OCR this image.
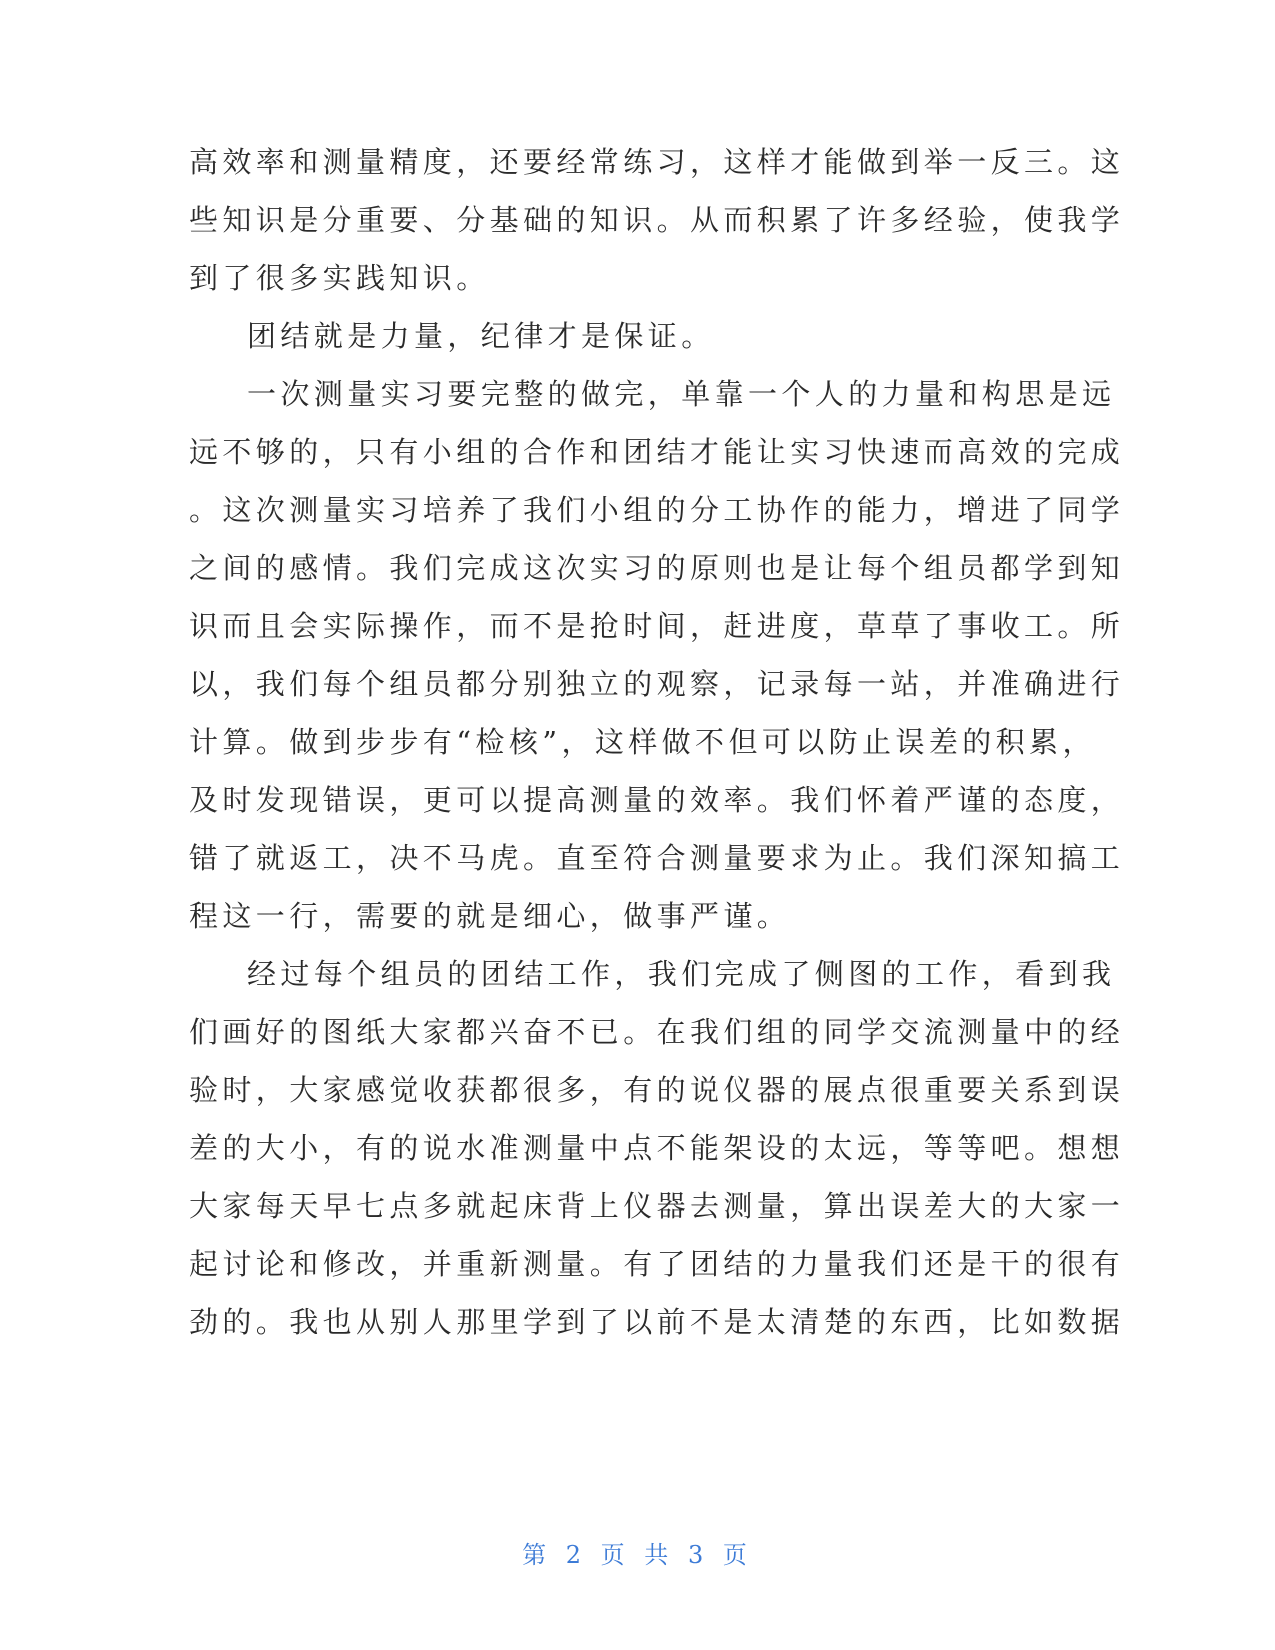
高效率和测量精度，还要经常练习，这样才能做到举一反三。这
些知识是分重要、分基础的知识。从而积累了许多经验，使我学
到了很多实践知识。
团结就是力量，纪律才是保证。
一次测量实习要完整的做完，单靠一个人的力量和构思是远
远不够的，只有小组的合作和团结才能让实习快速而高效的完成
。这次测量实习培养了我们小组的分工协作的能力，增进了同学
之间的感情。我们完成这次实习的原则也是让每个组员都学到知
识而且会实际操作，而不是抢时间，赶进度，草草了事收工。所
以，我们每个组员都分别独立的观察，记录每一站，并准确进行
计算。做到步步有“检核”，这样做不但可以防止误差的积累，
及时发现错误，更可以提高测量的效率。我们怀着严谨的态度，
错了就返工，决不马虎。直至符合测量要求为止。我们深知搞工
程这一行，需要的就是细心，做事严谨。
经过每个组员的团结工作，我们完成了侧图的工作，看到我
们画好的图纸大家都兴奋不已。在我们组的同学交流测量中的经
验时，大家感觉收获都很多，有的说仪器的展点很重要关系到误
差的大小，有的说水准测量中点不能架设的太远，等等吧。想想
大家每天早七点多就起床背上仪器去测量，算出误差大的大家一
起讨论和修改，并重新测量。有了团结的力量我们还是干的很有
劲的。我也从别人那里学到了以前不是太清楚的东西，比如数据
第 2 页 共 3 页
